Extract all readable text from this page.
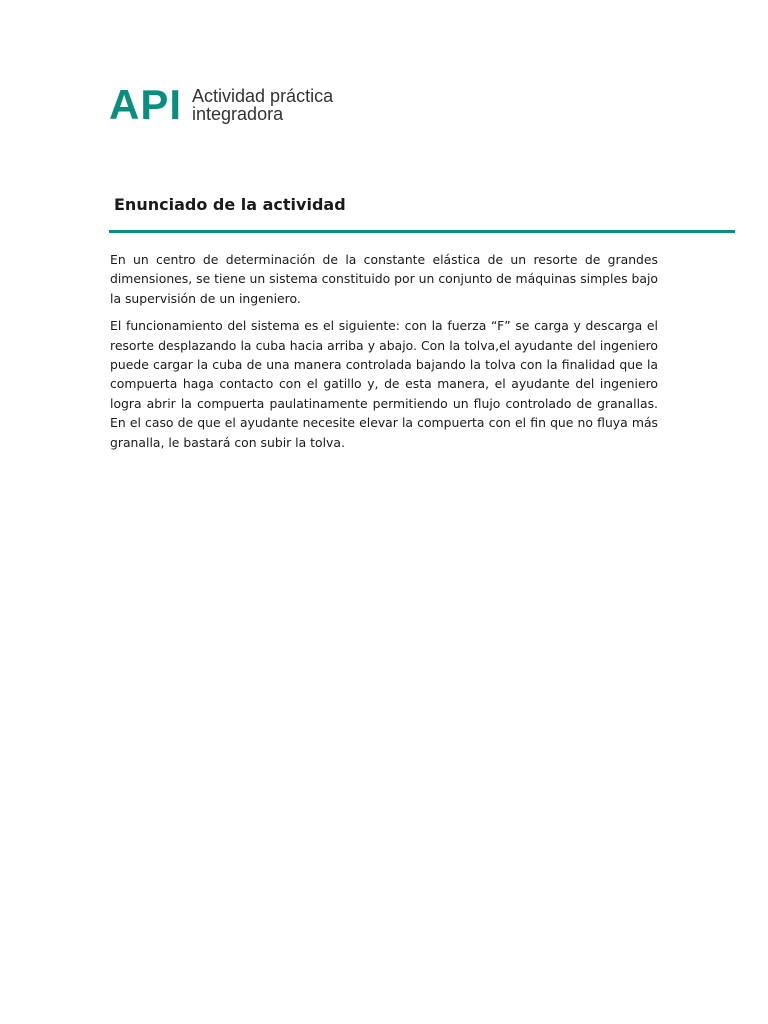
API Actividad práctica
integradora
Enunciado de la actividad

En un centro de determinación de la constante elástica de un resorte de grandes dimensiones, se tiene un sistema constituido por un conjunto de máquinas simples bajo la supervisión de un ingeniero.

El funcionamiento del sistema es el siguiente: con la fuerza “F” se carga y descarga el resorte desplazando la cuba hacia arriba y abajo. Con la tolva,el ayudante del ingeniero puede cargar la cuba de una manera controlada bajando la tolva con la finalidad que la compuerta haga contacto con el gatillo y, de esta manera, el ayudante del ingeniero logra abrir la compuerta paulatinamente permitiendo un flujo controlado de granallas. En el caso de que el ayudante necesite elevar la compuerta con el fin que no fluya más granalla, le bastará con subir la tolva.
